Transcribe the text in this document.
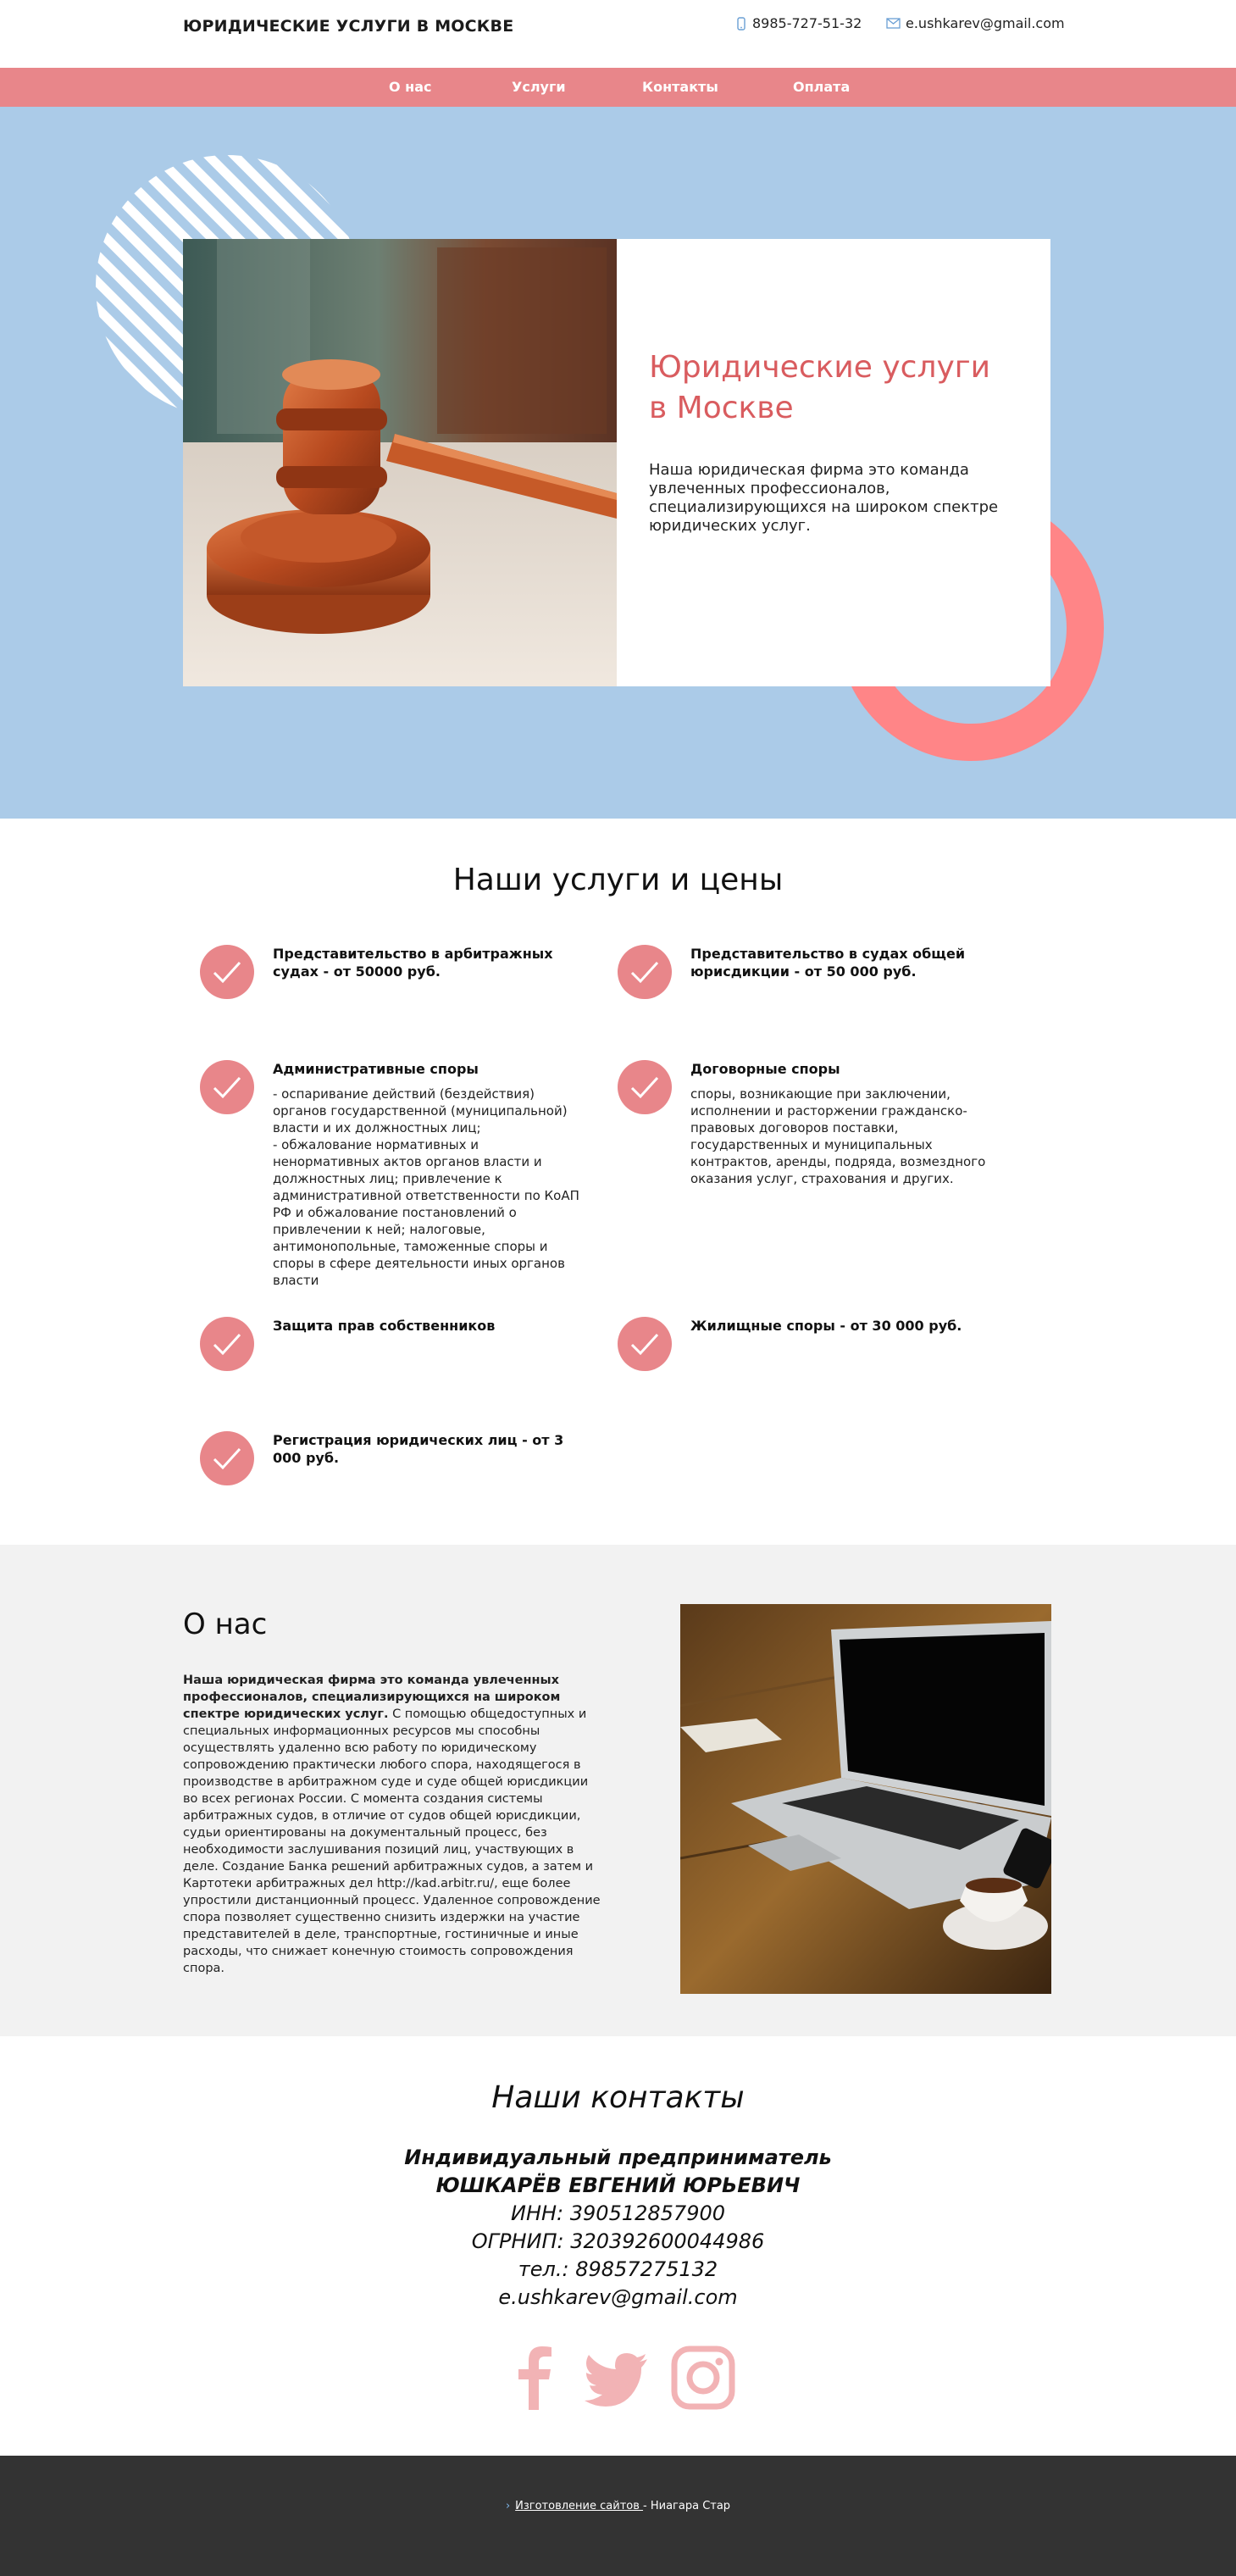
ЮРИДИЧЕСКИЕ УСЛУГИ В МОСКВЕ	8985-727-51-32	e.ushkarev@gmail.com
О нас	Услуги	Контакты	Оплата
Юридические услуги
в Москве
Наша юридическая фирма это команда увлеченных профессионалов, специализирующихся на широком спектре юридических услуг.
Наши услуги и цены
Представительство в арбитражных судах - от 50000 руб.
Представительство в судах общей юрисдикции - от 50 000 руб.
Административные споры
- оспаривание действий (бездействия) органов государственной (муниципальной) власти и их должностных лиц;
- обжалование нормативных и ненормативных актов органов власти и должностных лиц; привлечение к административной ответственности по КоАП РФ и обжалование постановлений о привлечении к ней; налоговые, антимонопольные, таможенные споры и споры в сфере деятельности иных органов власти
Договорные споры
споры, возникающие при заключении, исполнении и расторжении гражданско-правовых договоров поставки, государственных и муниципальных контрактов, аренды, подряда, возмездного оказания услуг, страхования и других.
Защита прав собственников	Жилищные споры - от 30 000 руб.
Регистрация юридических лиц - от 3 000 руб.
О нас
Наша юридическая фирма это команда увлеченных профессионалов, специализирующихся на широком спектре юридических услуг. С помощью общедоступных и специальных информационных ресурсов мы способны осуществлять удаленно всю работу по юридическому сопровождению практически любого спора, находящегося в производстве в арбитражном суде и суде общей юрисдикции во всех регионах России. С момента создания системы арбитражных судов, в отличие от судов общей юрисдикции, судьи ориентированы на документальный процесс, без необходимости заслушивания позиций лиц, участвующих в деле. Создание Банка решений арбитражных судов, а затем и Картотеки арбитражных дел http://kad.arbitr.ru/, еще более упростили дистанционный процесс. Удаленное сопровождение спора позволяет существенно снизить издержки на участие представителей в деле, транспортные, гостиничные и иные расходы, что снижает конечную стоимость сопровождения спора.
Наши контакты
Индивидуальный предприниматель
ЮШКАРЁВ ЕВГЕНИЙ ЮРЬЕВИЧ
ИНН: 390512857900
ОГРНИП: 320392600044986
тел.: 89857275132
e.ushkarev@gmail.com
› Изготовление сайтов - Ниагара Стар
